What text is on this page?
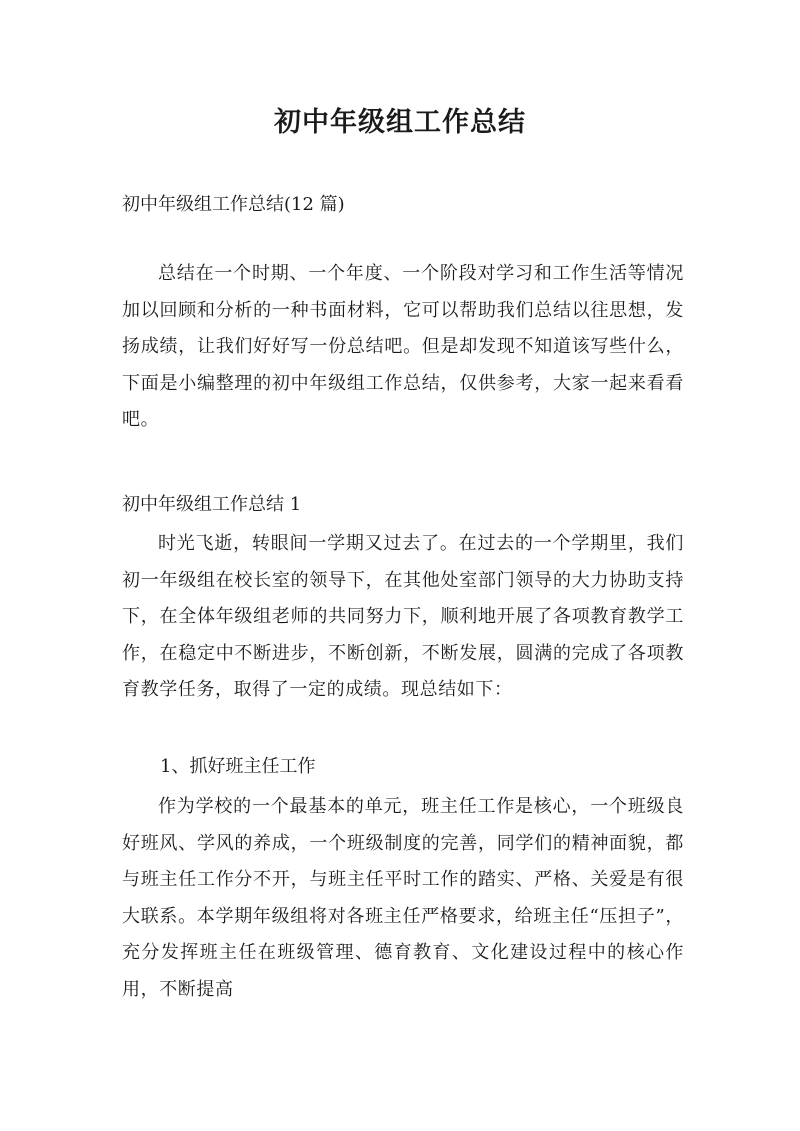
初中年级组工作总结
初中年级组工作总结(12 篇)

总结在一个时期、一个年度、一个阶段对学习和工作生活等情况加以回顾和分析的一种书面材料，它可以帮助我们总结以往思想，发扬成绩，让我们好好写一份总结吧。但是却发现不知道该写些什么，下面是小编整理的初中年级组工作总结，仅供参考，大家一起来看看吧。

初中年级组工作总结 1

时光飞逝，转眼间一学期又过去了。在过去的一个学期里，我们初一年级组在校长室的领导下，在其他处室部门领导的大力协助支持下，在全体年级组老师的共同努力下，顺利地开展了各项教育教学工作，在稳定中不断进步，不断创新，不断发展，圆满的完成了各项教育教学任务，取得了一定的成绩。现总结如下：

1、抓好班主任工作

作为学校的一个最基本的单元，班主任工作是核心，一个班级良好班风、学风的养成，一个班级制度的完善，同学们的精神面貌，都与班主任工作分不开，与班主任平时工作的踏实、严格、关爱是有很大联系。本学期年级组将对各班主任严格要求，给班主任“压担子”，充分发挥班主任在班级管理、德育教育、文化建设过程中的核心作用，不断提高
